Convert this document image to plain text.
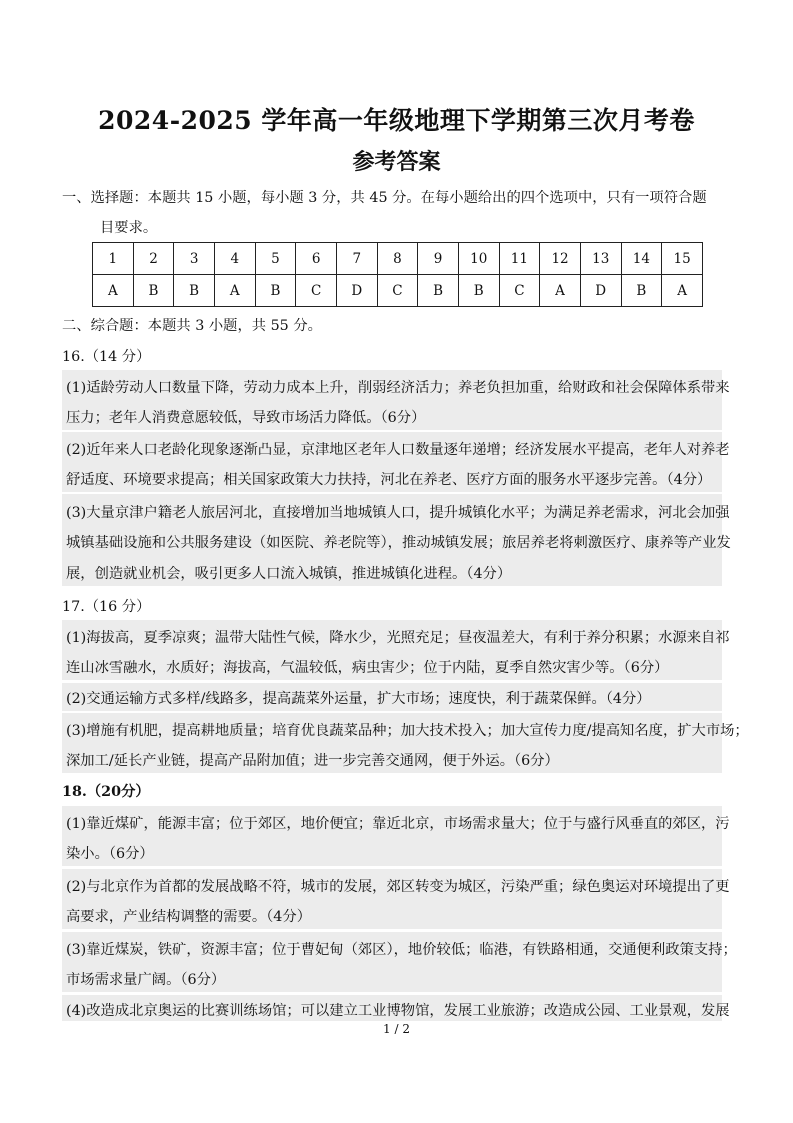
2024-2025 学年高一年级地理下学期第三次月考卷
参考答案
一、选择题：本题共 15 小题，每小题 3 分，共 45 分。在每小题给出的四个选项中，只有一项符合题
目要求。
1	2	3	4	5	6	7	8	9	10	11	12	13	14	15
A	B	B	A	B	C	D	C	B	B	C	A	D	B	A
二、综合题：本题共 3 小题，共 55 分。
16.（14 分）
(1)适龄劳动人口数量下降，劳动力成本上升，削弱经济活力；养老负担加重，给财政和社会保障体系带来
压力；老年人消费意愿较低，导致市场活力降低。（6分）
(2)近年来人口老龄化现象逐渐凸显，京津地区老年人口数量逐年递增；经济发展水平提高，老年人对养老
舒适度、环境要求提高；相关国家政策大力扶持，河北在养老、医疗方面的服务水平逐步完善。（4分）
(3)大量京津户籍老人旅居河北，直接增加当地城镇人口，提升城镇化水平；为满足养老需求，河北会加强
城镇基础设施和公共服务建设（如医院、养老院等），推动城镇发展；旅居养老将刺激医疗、康养等产业发
展，创造就业机会，吸引更多人口流入城镇，推进城镇化进程。（4分）
17.（16 分）
(1)海拔高，夏季凉爽；温带大陆性气候，降水少，光照充足；昼夜温差大，有利于养分积累；水源来自祁
连山冰雪融水，水质好；海拔高，气温较低，病虫害少；位于内陆，夏季自然灾害少等。（6分）
(2)交通运输方式多样/线路多，提高蔬菜外运量，扩大市场；速度快，利于蔬菜保鲜。（4分）
(3)增施有机肥，提高耕地质量；培育优良蔬菜品种；加大技术投入；加大宣传力度/提高知名度，扩大市场；
深加工/延长产业链，提高产品附加值；进一步完善交通网，便于外运。（6分）
18.（20分）
(1)靠近煤矿，能源丰富；位于郊区，地价便宜；靠近北京，市场需求量大；位于与盛行风垂直的郊区，污
染小。（6分）
(2)与北京作为首都的发展战略不符，城市的发展，郊区转变为城区，污染严重；绿色奥运对环境提出了更
高要求，产业结构调整的需要。（4分）
(3)靠近煤炭，铁矿，资源丰富；位于曹妃甸（郊区），地价较低；临港，有铁路相通，交通便利政策支持；
市场需求量广阔。（6分）
(4)改造成北京奥运的比赛训练场馆；可以建立工业博物馆，发展工业旅游；改造成公园、工业景观，发展
1 / 2
